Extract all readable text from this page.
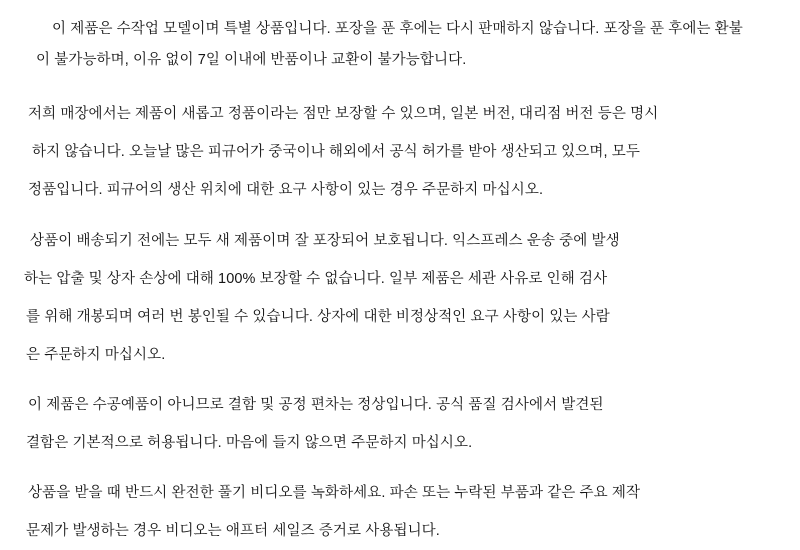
이 제품은 수작업 모델이며 특별 상품입니다. 포장을 푼 후에는 다시 판매하지 않습니다. 포장을 푼 후에는 환불
이 불가능하며, 이유 없이 7일 이내에 반품이나 교환이 불가능합니다.
저희 매장에서는 제품이 새롭고 정품이라는 점만 보장할 수 있으며, 일본 버전, 대리점 버전 등은 명시
하지 않습니다. 오늘날 많은 피규어가 중국이나 해외에서 공식 허가를 받아 생산되고 있으며, 모두
정품입니다. 피규어의 생산 위치에 대한 요구 사항이 있는 경우 주문하지 마십시오.
상품이 배송되기 전에는 모두 새 제품이며 잘 포장되어 보호됩니다. 익스프레스 운송 중에 발생
하는 압출 및 상자 손상에 대해 100% 보장할 수 없습니다. 일부 제품은 세관 사유로 인해 검사
를 위해 개봉되며 여러 번 봉인될 수 있습니다. 상자에 대한 비정상적인 요구 사항이 있는 사람
은 주문하지 마십시오.
이 제품은 수공예품이 아니므로 결함 및 공정 편차는 정상입니다. 공식 품질 검사에서 발견된
결함은 기본적으로 허용됩니다. 마음에 들지 않으면 주문하지 마십시오.
상품을 받을 때 반드시 완전한 풀기 비디오를 녹화하세요. 파손 또는 누락된 부품과 같은 주요 제작
문제가 발생하는 경우 비디오는 애프터 세일즈 증거로 사용됩니다.
